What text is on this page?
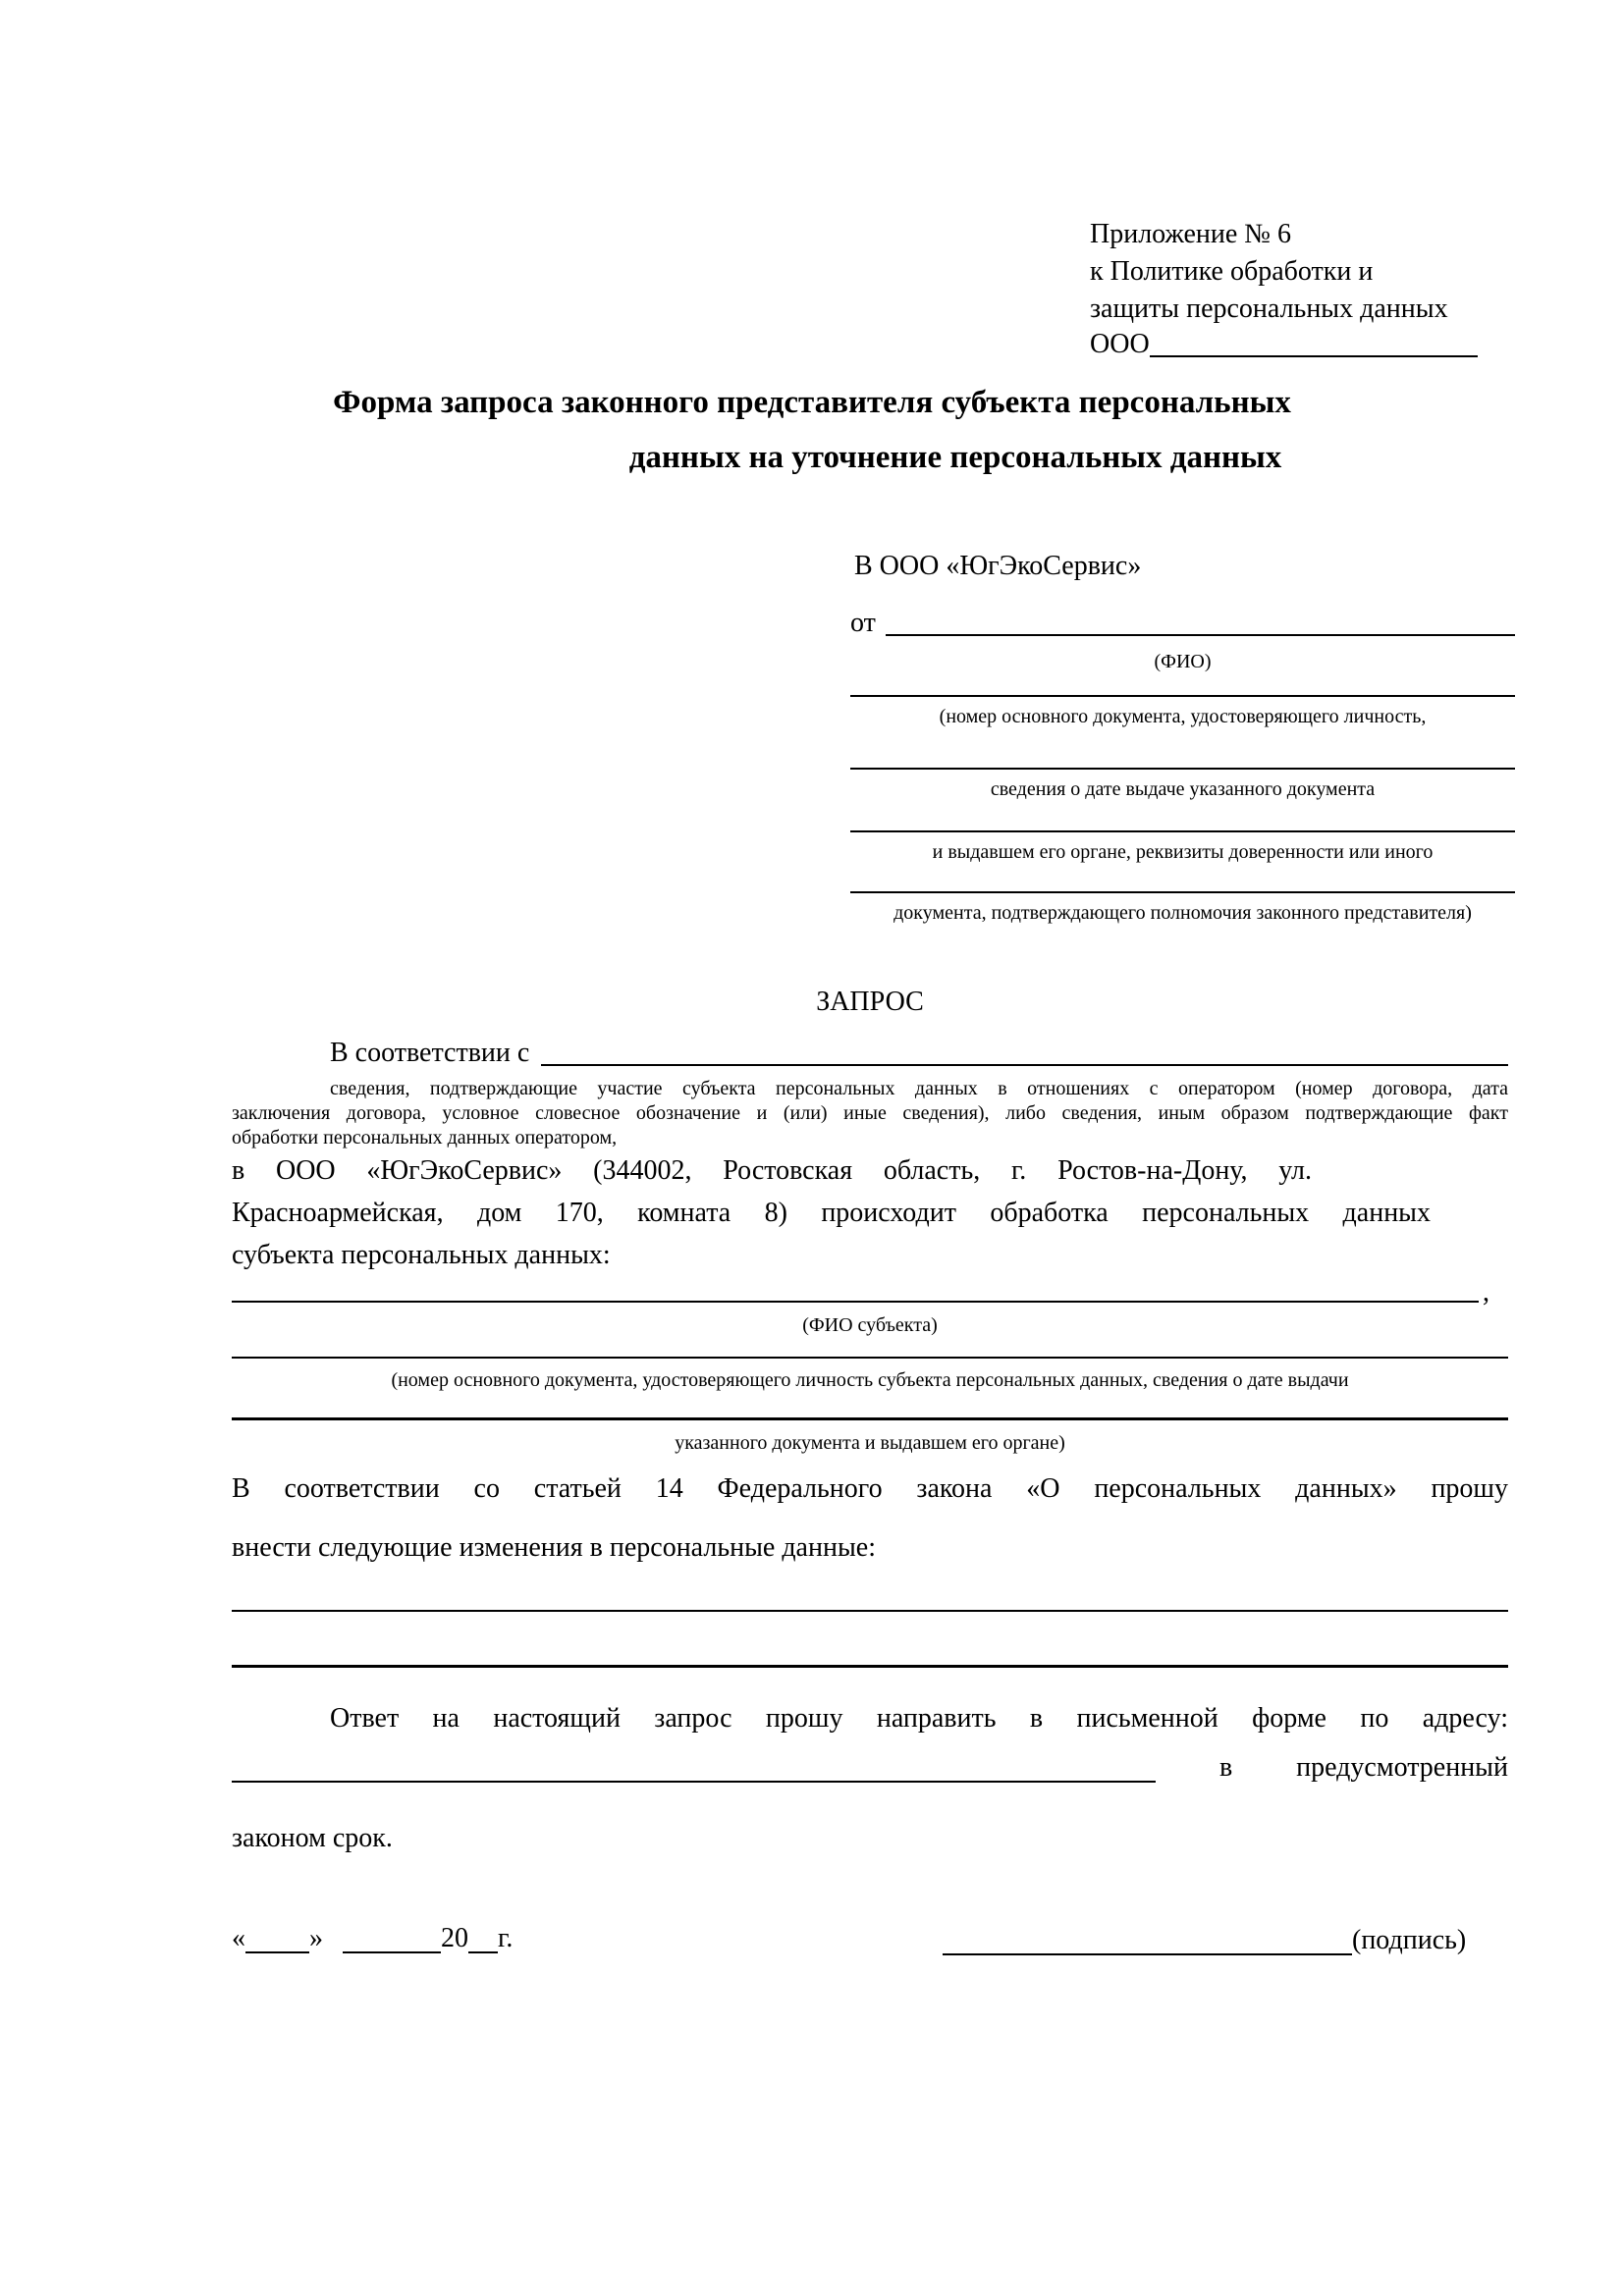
Приложение № 6
к Политике обработки и
защиты персональных данных
ООО
Форма запроса законного представителя субъекта персональных
данных на уточнение персональных данных
В ООО «ЮгЭкоСервис»
от
(ФИО)
(номер основного документа, удостоверяющего личность,
сведения о дате выдаче указанного документа
и выдавшем его органе, реквизиты доверенности или иного
документа, подтверждающего полномочия законного представителя)
ЗАПРОС
В соответствии с
сведения, подтверждающие участие субъекта персональных данных в отношениях с оператором (номер договора, дата
заключения договора, условное словесное обозначение и (или) иные сведения), либо сведения, иным образом подтверждающие факт
обработки персональных данных оператором,
в ООО «ЮгЭкоСервис» (344002, Ростовская область, г. Ростов-на-Дону, ул.
Красноармейская, дом 170, комната 8) происходит обработка персональных данных
субъекта персональных данных:
,
(ФИО субъекта)
(номер основного документа, удостоверяющего личность субъекта персональных данных, сведения о дате выдачи
указанного документа и выдавшем его органе)
В соответствии со статьей 14 Федерального закона «О персональных данных» прошу
внести следующие изменения в персональные данные:
Ответ на настоящий запрос прошу направить в письменной форме по адресу:
в предусмотренный
законом срок.
« »	20 г.	(подпись)
